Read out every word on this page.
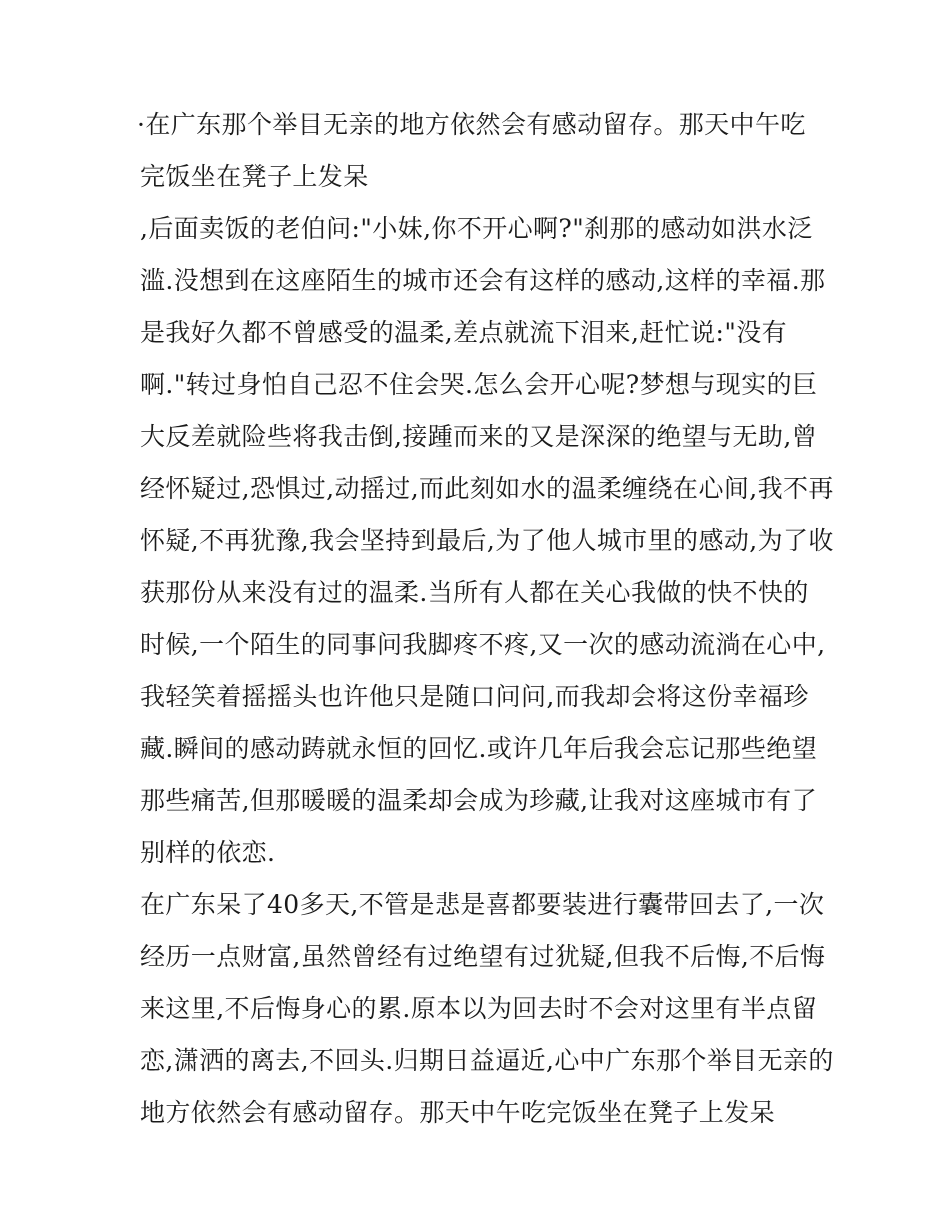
·在广东那个举目无亲的地方依然会有感动留存。那天中午吃
完饭坐在凳子上发呆
,后面卖饭的老伯问:"小妹,你不开心啊?"刹那的感动如洪水泛
滥.没想到在这座陌生的城市还会有这样的感动,这样的幸福.那
是我好久都不曾感受的温柔,差点就流下泪来,赶忙说:"没有
啊."转过身怕自己忍不住会哭.怎么会开心呢?梦想与现实的巨
大反差就险些将我击倒,接踵而来的又是深深的绝望与无助,曾
经怀疑过,恐惧过,动摇过,而此刻如水的温柔缠绕在心间,我不再
怀疑,不再犹豫,我会坚持到最后,为了他人城市里的感动,为了收
获那份从来没有过的温柔.当所有人都在关心我做的快不快的
时候,一个陌生的同事问我脚疼不疼,又一次的感动流淌在心中,
我轻笑着摇摇头也许他只是随口问问,而我却会将这份幸福珍
藏.瞬间的感动踌就永恒的回忆.或许几年后我会忘记那些绝望
那些痛苦,但那暖暖的温柔却会成为珍藏,让我对这座城市有了
别样的依恋.
在广东呆了40多天,不管是悲是喜都要装进行囊带回去了,一次
经历一点财富,虽然曾经有过绝望有过犹疑,但我不后悔,不后悔
来这里,不后悔身心的累.原本以为回去时不会对这里有半点留
恋,潇洒的离去,不回头.归期日益逼近,心中广东那个举目无亲的
地方依然会有感动留存。那天中午吃完饭坐在凳子上发呆
